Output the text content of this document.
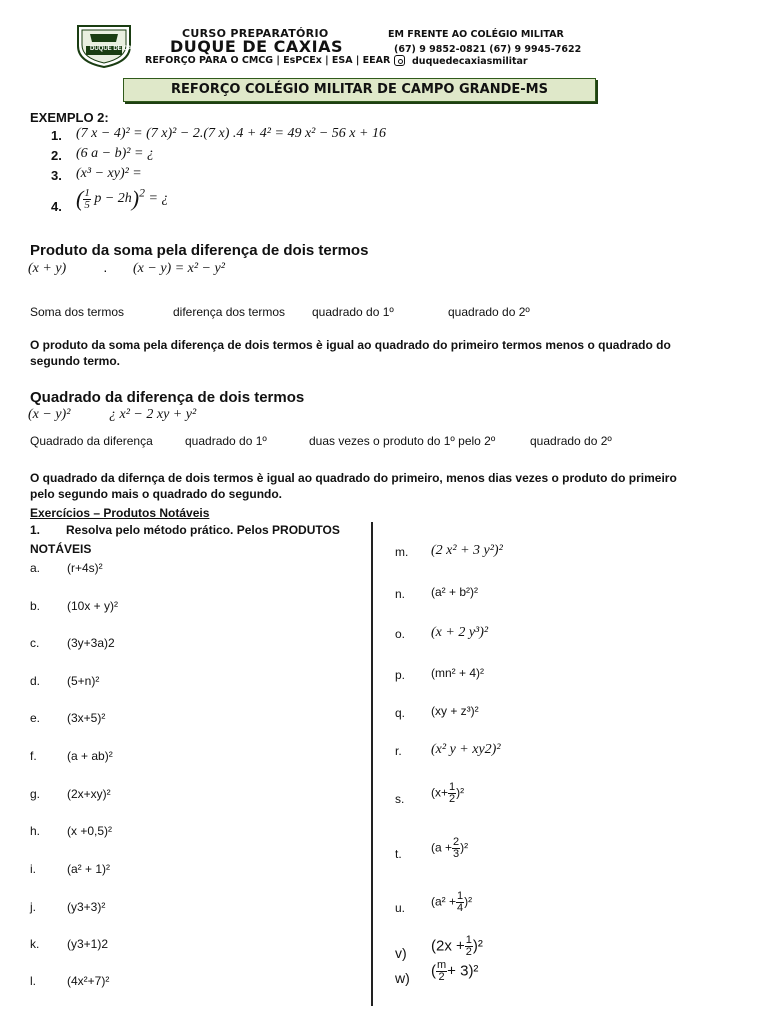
DUQUE DE CAXIAS
CURSO PREPARATÓRIO
DUQUE DE CAXIAS
REFORÇO PARA O CMCG | EsPCEx | ESA | EEAR
EM FRENTE AO COLÉGIO MILITAR
(67) 9 9852-0821 (67) 9 9945-7622
duquedecaxiasmilitar
REFORÇO COLÉGIO MILITAR DE CAMPO GRANDE-MS
EXEMPLO 2:
1. (7 x − 4)² = (7 x)² − 2.(7 x) .4 + 4² = 49 x² − 56 x + 16
2. (6 a − b)² = ¿
3. (x³ − xy)² =
4. ( $\frac{1}{5}$ p − 2h)$^2$ = ¿
Produto da soma pela diferença de dois termos
(x + y)	· (x − y) = x² − y²
Soma dos termos	diferença dos termos quadrado do 1º	quadrado do 2º
O produto da soma pela diferença de dois termos è igual ao quadrado do primeiro termos menos o quadrado do
segundo termo.
Quadrado da diferença de dois termos
(x − y)²	¿ x² − 2 xy + y²
Quadrado da diferença	quadrado do 1º	duas vezes o produto do 1º pelo 2º	quadrado do 2º
O quadrado da difernça de dois termos è igual ao quadrado do primeiro, menos dias vezes o produto do primeiro
pelo segundo mais o quadrado do segundo.
Exercícios – Produtos Notáveis
1. Resolva pelo método prático. Pelos PRODUTOS
NOTÁVEIS
a. (r+4s)²
b. (10x + y)²
c. (3y+3a)2
d. (5+n)²
e. (3x+5)²
f.	(a + ab)²
g. (2x+xy)²
h. (x +0,5)²
i.	(a² + 1)²
j.	(y3+3)²
k. (y3+1)2
l.	(4x²+7)²
m. (2 x² + 3 y²)²
n. (a² + b²)²
o. (x + 2 y³)²
p. (mn² + 4)²
q. (xy + z³)²
r. (x² y + xy2)²
s. $(x+ \frac{1}{2} )^2$
t. $(a + \frac{2}{3} )^2$
u. $(a^2 + \frac{1}{4} )^2$
v) $(2x + \frac{1}{2} )^2$
w) ( $\frac{m}{2} + 3)^2$
